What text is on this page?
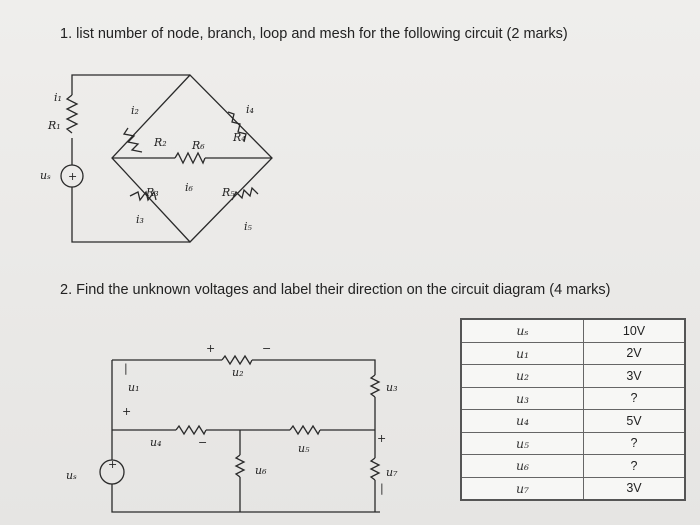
1. list number of node, branch, loop and mesh for the following circuit (2 marks)
i₁
R₁
uₛ +
i₂
R₂ R₆
i₄
R₄
i₆
R₃
i₃
R₅
i₅
2. Find the unknown voltages and label their direction on the circuit diagram (4 marks)
|
u₁
+
+	−
u₂
u₃
+
u₄	−	u₅
u₆	u₇
|
uₛ
+
uₛ	10V
u₁	2V
u₂	3V
u₃	?
u₄	5V
u₅	?
u₆	?
u₇	3V
